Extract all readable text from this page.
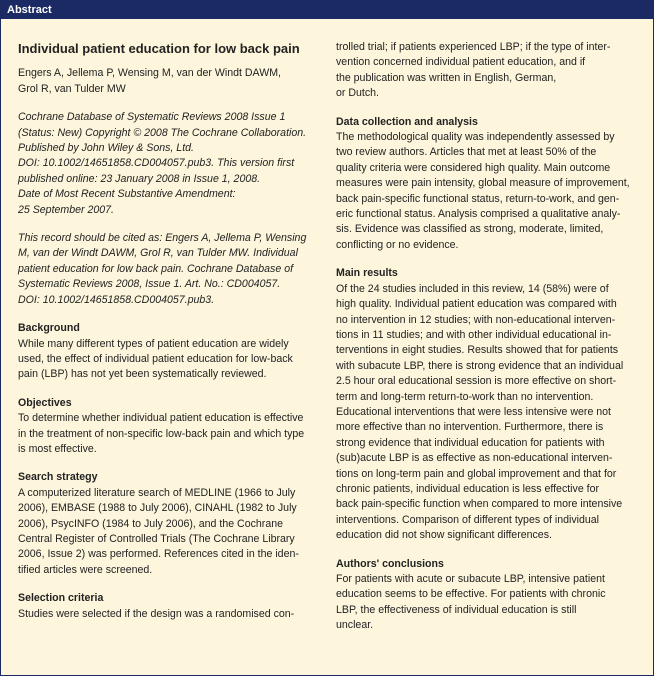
Abstract
Individual patient education for low back pain
Engers A, Jellema P, Wensing M, van der Windt DAWM,
Grol R, van Tulder MW
Cochrane Database of Systematic Reviews 2008 Issue 1
(Status: New) Copyright © 2008 The Cochrane Collaboration.
Published by John Wiley & Sons, Ltd.
DOI: 10.1002/14651858.CD004057.pub3. This version first
published online: 23 January 2008 in Issue 1, 2008.
Date of Most Recent Substantive Amendment:
25 September 2007.
This record should be cited as: Engers A, Jellema P, Wensing
M, van der Windt DAWM, Grol R, van Tulder MW. Individual
patient education for low back pain. Cochrane Database of
Systematic Reviews 2008, Issue 1. Art. No.: CD004057.
DOI: 10.1002/14651858.CD004057.pub3.
Background
While many different types of patient education are widely
used, the effect of individual patient education for low-back
pain (LBP) has not yet been systematically reviewed.
Objectives
To determine whether individual patient education is effective
in the treatment of non-specific low-back pain and which type
is most effective.
Search strategy
A computerized literature search of MEDLINE (1966 to July
2006), EMBASE (1988 to July 2006), CINAHL (1982 to July
2006), PsycINFO (1984 to July 2006), and the Cochrane
Central Register of Controlled Trials (The Cochrane Library
2006, Issue 2) was performed. References cited in the iden-
tified articles were screened.
Selection criteria
Studies were selected if the design was a randomised con-
trolled trial; if patients experienced LBP; if the type of inter-
vention concerned individual patient education, and if
the publication was written in English, German,
or Dutch.
Data collection and analysis
The methodological quality was independently assessed by
two review authors. Articles that met at least 50% of the
quality criteria were considered high quality. Main outcome
measures were pain intensity, global measure of improvement,
back pain-specific functional status, return-to-work, and gen-
eric functional status. Analysis comprised a qualitative analy-
sis. Evidence was classified as strong, moderate, limited,
conflicting or no evidence.
Main results
Of the 24 studies included in this review, 14 (58%) were of
high quality. Individual patient education was compared with
no intervention in 12 studies; with non-educational interven-
tions in 11 studies; and with other individual educational in-
terventions in eight studies. Results showed that for patients
with subacute LBP, there is strong evidence that an individual
2.5 hour oral educational session is more effective on short-
term and long-term return-to-work than no intervention.
Educational interventions that were less intensive were not
more effective than no intervention. Furthermore, there is
strong evidence that individual education for patients with
(sub)acute LBP is as effective as non-educational interven-
tions on long-term pain and global improvement and that for
chronic patients, individual education is less effective for
back pain-specific function when compared to more intensive
interventions. Comparison of different types of individual
education did not show significant differences.
Authors' conclusions
For patients with acute or subacute LBP, intensive patient
education seems to be effective. For patients with chronic
LBP, the effectiveness of individual education is still
unclear.
